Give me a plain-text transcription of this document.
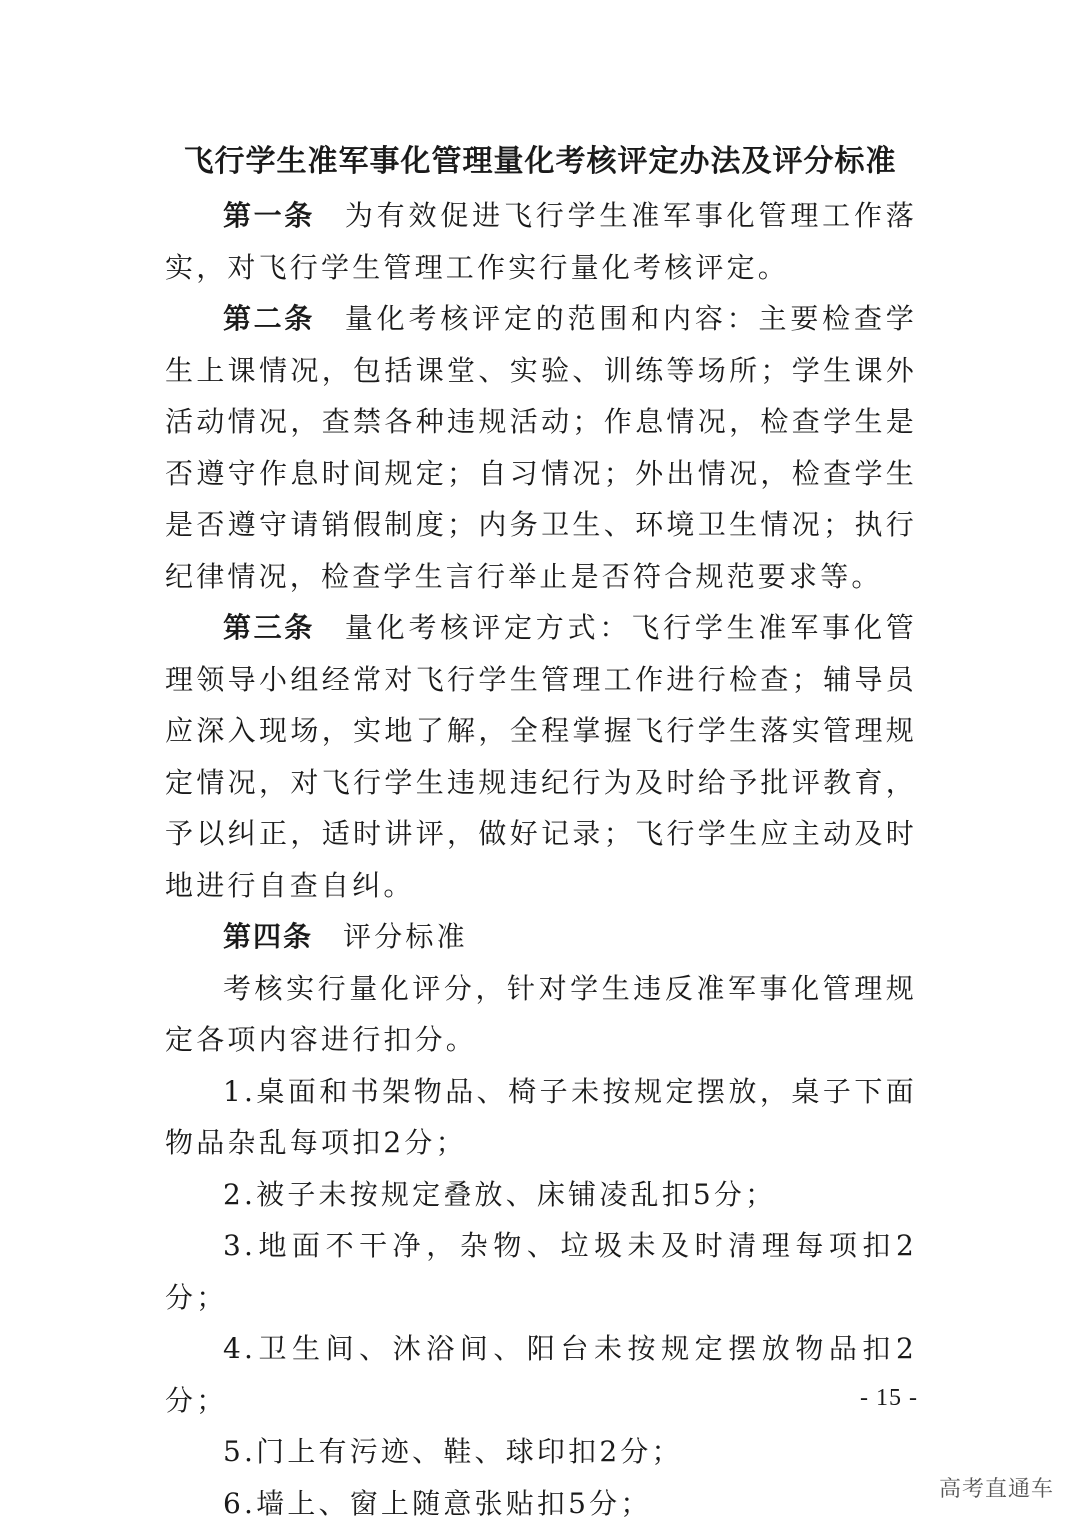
飞行学生准军事化管理量化考核评定办法及评分标准

第一条 为有效促进飞行学生准军事化管理工作落实，对飞行学生管理工作实行量化考核评定。

第二条 量化考核评定的范围和内容：主要检查学生上课情况，包括课堂、实验、训练等场所；学生课外活动情况，查禁各种违规活动；作息情况，检查学生是否遵守作息时间规定；自习情况；外出情况，检查学生是否遵守请销假制度；内务卫生、环境卫生情况；执行纪律情况，检查学生言行举止是否符合规范要求等。

第三条 量化考核评定方式：飞行学生准军事化管理领导小组经常对飞行学生管理工作进行检查；辅导员应深入现场，实地了解，全程掌握飞行学生落实管理规定情况，对飞行学生违规违纪行为及时给予批评教育，予以纠正，适时讲评，做好记录；飞行学生应主动及时地进行自查自纠。

第四条 评分标准

考核实行量化评分，针对学生违反准军事化管理规定各项内容进行扣分。

1.桌面和书架物品、椅子未按规定摆放，桌子下面物品杂乱每项扣2分；

2.被子未按规定叠放、床铺凌乱扣5分；

3.地面不干净，杂物、垃圾未及时清理每项扣2分；

4.卫生间、沐浴间、阳台未按规定摆放物品扣2分；

5.门上有污迹、鞋、球印扣2分；

6.墙上、窗上随意张贴扣5分；

- 15 -
高考直通车
